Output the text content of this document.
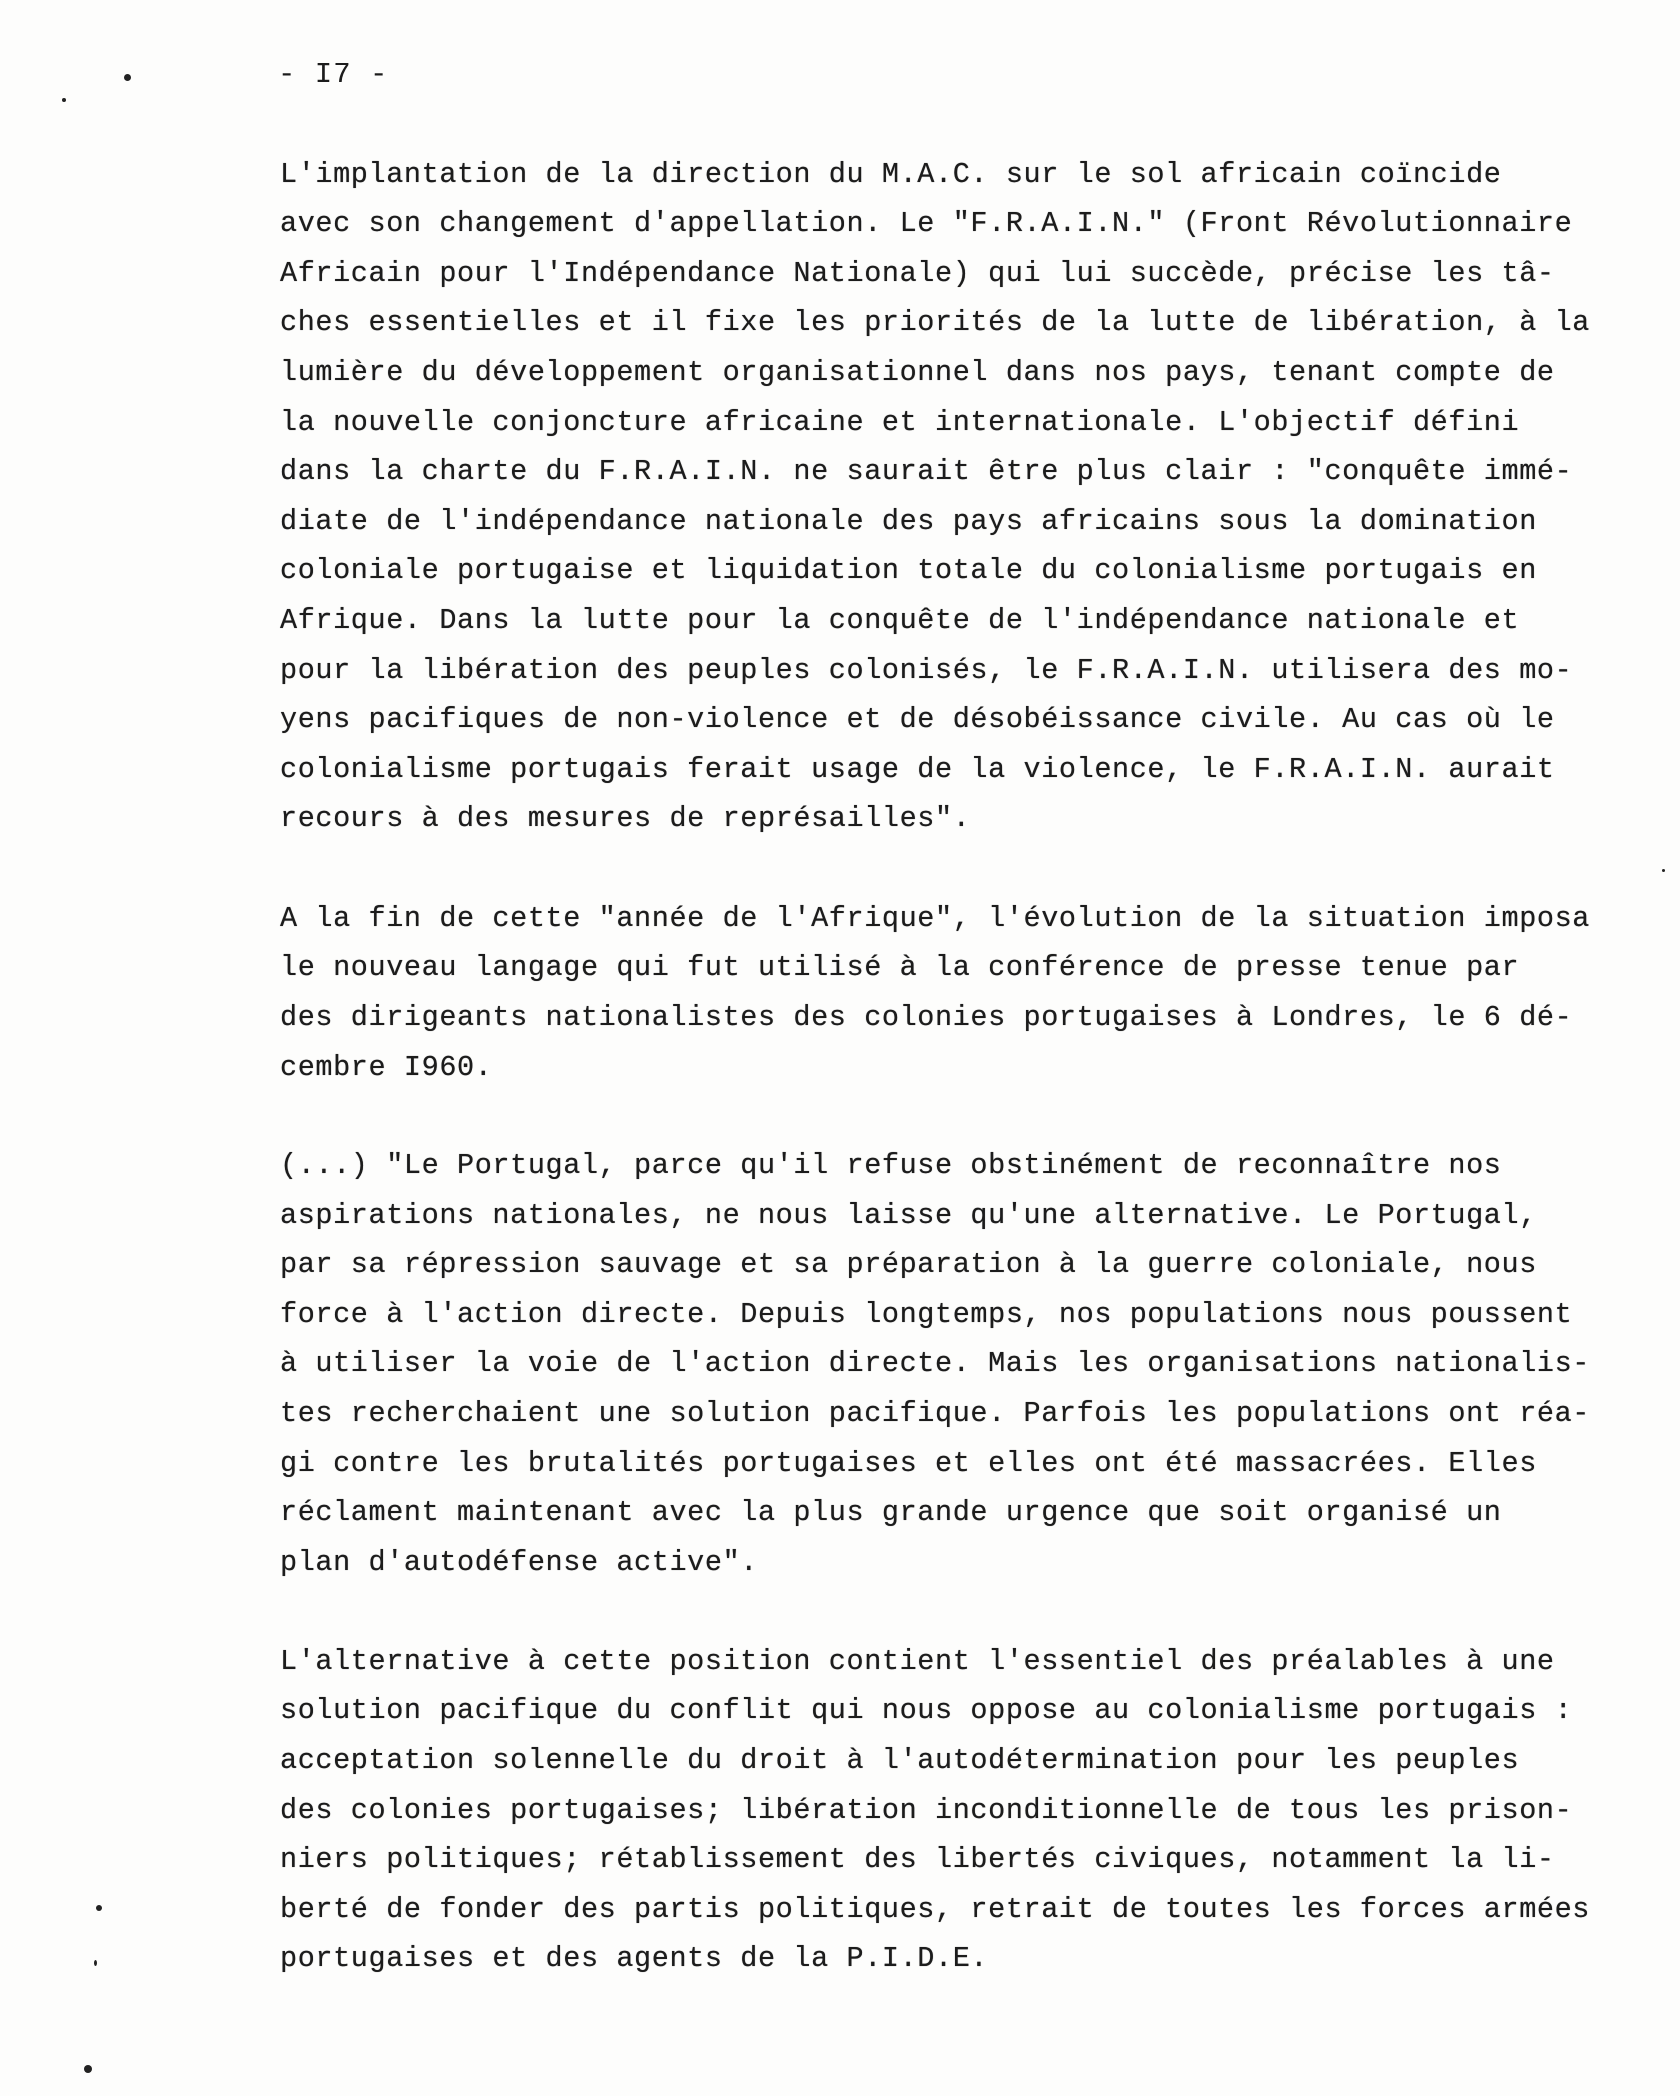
- I7 -
L'implantation de la direction du M.A.C. sur le sol africain coïncide
avec son changement d'appellation. Le "F.R.A.I.N." (Front Révolutionnaire
Africain pour l'Indépendance Nationale) qui lui succède, précise les tâ-
ches essentielles et il fixe les priorités de la lutte de libération, à la
lumière du développement organisationnel dans nos pays, tenant compte de
la nouvelle conjoncture africaine et internationale. L'objectif défini
dans la charte du F.R.A.I.N. ne saurait être plus clair : "conquête immé-
diate de l'indépendance nationale des pays africains sous la domination
coloniale portugaise et liquidation totale du colonialisme portugais en
Afrique. Dans la lutte pour la conquête de l'indépendance nationale et
pour la libération des peuples colonisés, le F.R.A.I.N. utilisera des mo-
yens pacifiques de non-violence et de désobéissance civile. Au cas où le
colonialisme portugais ferait usage de la violence, le F.R.A.I.N. aurait
recours à des mesures de représailles".
A la fin de cette "année de l'Afrique", l'évolution de la situation imposa
le nouveau langage qui fut utilisé à la conférence de presse tenue par
des dirigeants nationalistes des colonies portugaises à Londres, le 6 dé-
cembre I960.
(...) "Le Portugal, parce qu'il refuse obstinément de reconnaître nos
aspirations nationales, ne nous laisse qu'une alternative. Le Portugal,
par sa répression sauvage et sa préparation à la guerre coloniale, nous
force à l'action directe. Depuis longtemps, nos populations nous poussent
à utiliser la voie de l'action directe. Mais les organisations nationalis-
tes recherchaient une solution pacifique. Parfois les populations ont réa-
gi contre les brutalités portugaises et elles ont été massacrées. Elles
réclament maintenant avec la plus grande urgence que soit organisé un
plan d'autodéfense active".
L'alternative à cette position contient l'essentiel des préalables à une
solution pacifique du conflit qui nous oppose au colonialisme portugais :
acceptation solennelle du droit à l'autodétermination pour les peuples
des colonies portugaises; libération inconditionnelle de tous les prison-
niers politiques; rétablissement des libertés civiques, notamment la li-
berté de fonder des partis politiques, retrait de toutes les forces armées
portugaises et des agents de la P.I.D.E.
